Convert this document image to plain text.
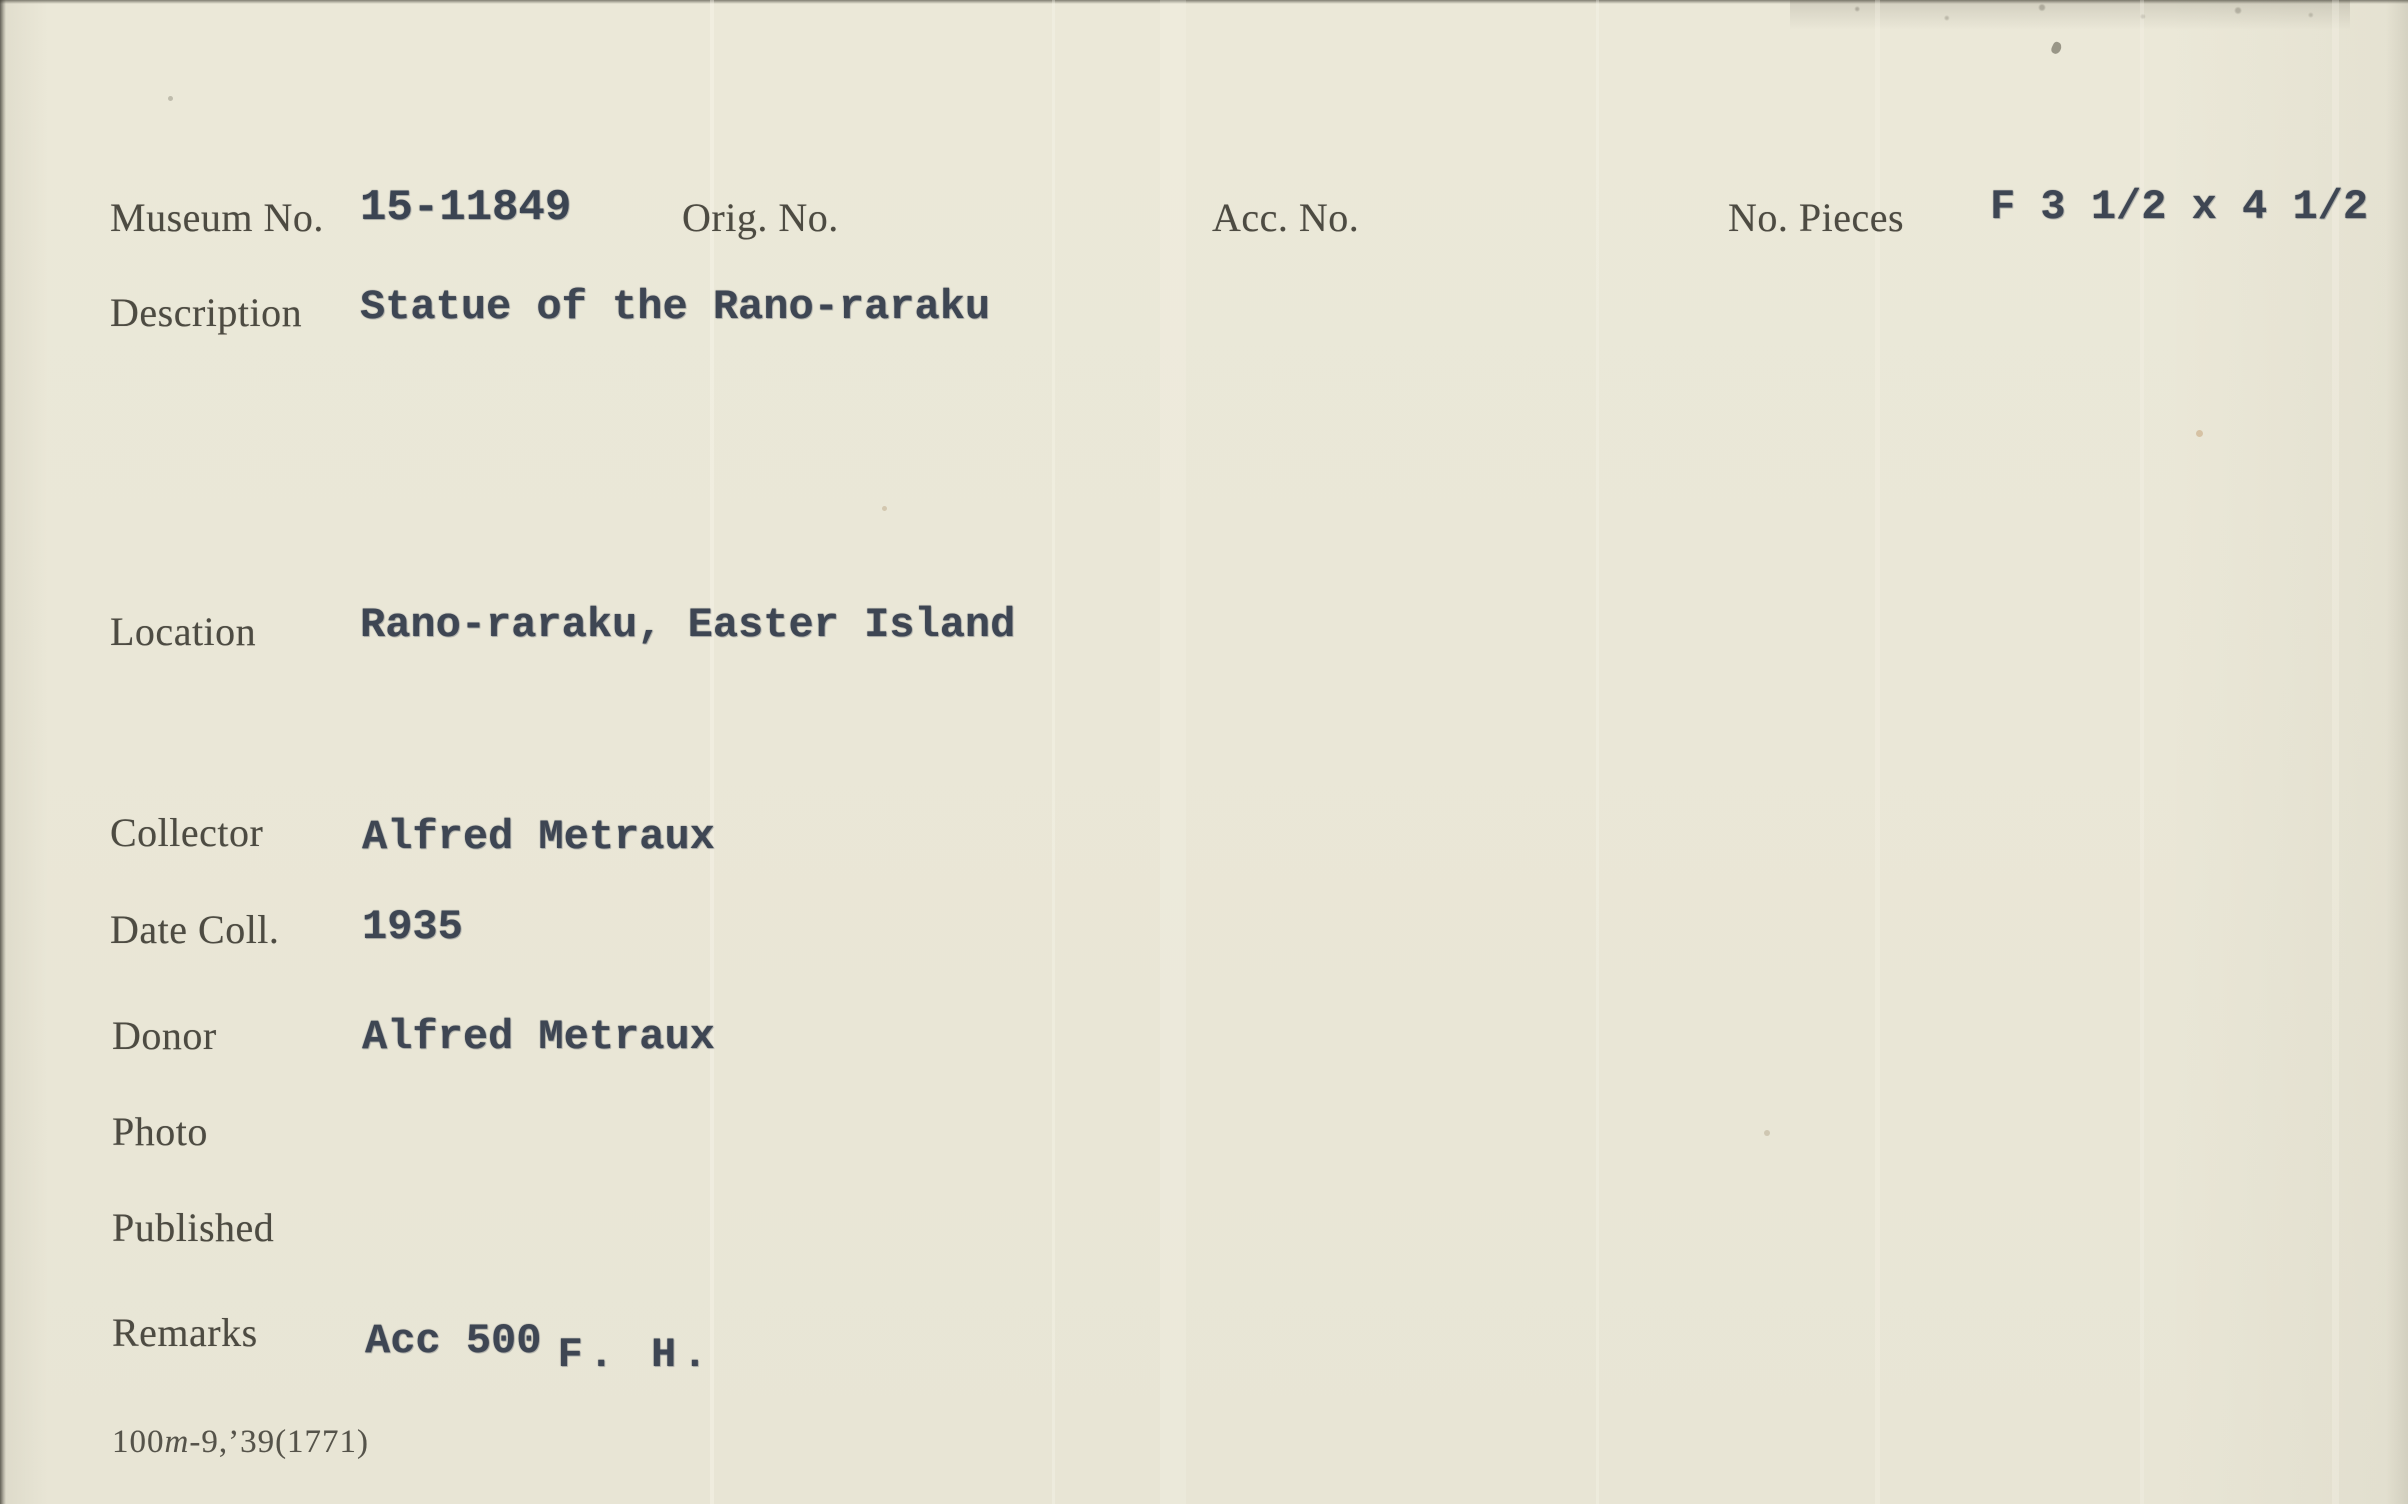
Museum No. 15-11849	Orig. No.	Acc. No.	No. Pieces F 3 1/2 x 4 1/2
Description Statue of the Rano-raraku
Location Rano-raraku, Easter Island
Collector Alfred Metraux
Date Coll. 1935
Donor	Alfred Metraux
Photo
Published
Remarks	Acc 500 F. H.
100m-9,’39(1771)
